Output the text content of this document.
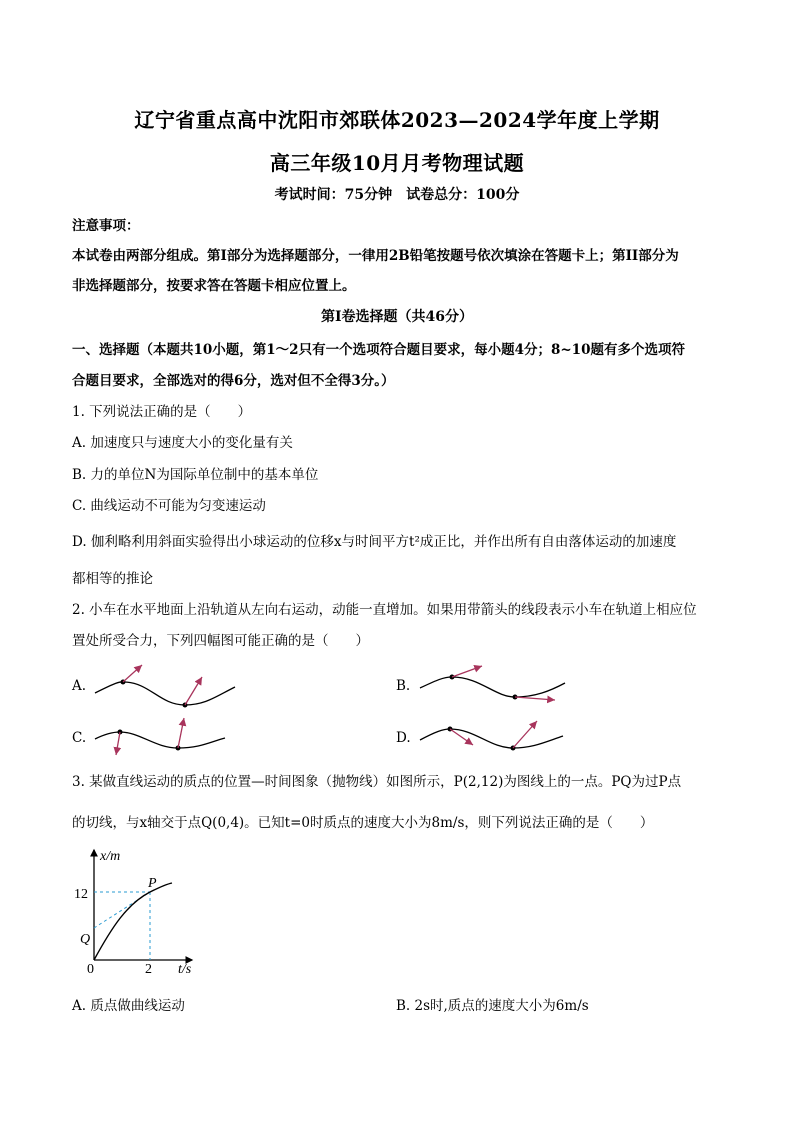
辽宁省重点高中沈阳市郊联体2023—2024学年度上学期
高三年级10月月考物理试题
考试时间：75分钟　试卷总分：100分
注意事项：
本试卷由两部分组成。第I部分为选择题部分，一律用2B铅笔按题号依次填涂在答题卡上；第II部分为
非选择题部分，按要求答在答题卡相应位置上。
第I卷选择题（共46分）
一、选择题（本题共10小题，第1～2只有一个选项符合题目要求，每小题4分；8~10题有多个选项符
合题目要求，全部选对的得6分，选对但不全得3分。）
1. 下列说法正确的是（　　）
A. 加速度只与速度大小的变化量有关
B. 力的单位N为国际单位制中的基本单位
C. 曲线运动不可能为匀变速运动
D. 伽利略利用斜面实验得出小球运动的位移x与时间平方t²成正比，并作出所有自由落体运动的加速度
都相等的推论
2. 小车在水平地面上沿轨道从左向右运动，动能一直增加。如果用带箭头的线段表示小车在轨道上相应位
置处所受合力，下列四幅图可能正确的是（　　）
A.	B.
C.	D.
3. 某做直线运动的质点的位置—时间图象（抛物线）如图所示，P(2,12)为图线上的一点。PQ为过P点
的切线，与x轴交于点Q(0,4)。已知t=0时质点的速度大小为8m/s，则下列说法正确的是（　　）
x/m
t/s
12
2
0
P
Q
A. 质点做曲线运动	B. 2s时,质点的速度大小为6m/s
